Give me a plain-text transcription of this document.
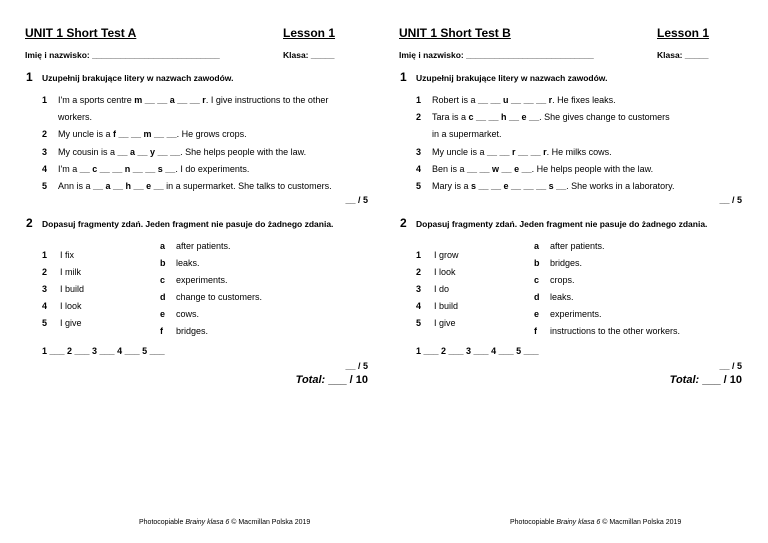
UNIT 1 Short Test A	Lesson 1
Imię i nazwisko: ___________________________	Klasa: _____
1 Uzupełnij brakujące litery w nazwach zawodów.
1	I'm a sports centre m __ __ a __ __ r. I give instructions to the other
workers.
2	My uncle is a f __ __ m __ __. He grows crops.
3	My cousin is a __ a __ y __ __. She helps people with the law.
4	I'm a __ c __ __ n __ __ s __. I do experiments.
5	Ann is a __ a __ h __ e __ in a supermarket. She talks to customers.
__ / 5
2 Dopasuj fragmenty zdań. Jeden fragment nie pasuje do żadnego zdania.
1	I fix
2	I milk
3	I build
4	I look
5	I give
a	after patients.
b	leaks.
c	experiments.
d	change to customers.
e	cows.
f	bridges.
1 ___ 2 ___ 3 ___ 4 ___ 5 ___
__ / 5
Total: ___ / 10
Photocopiable Brainy klasa 6 © Macmillan Polska 2019
UNIT 1 Short Test B	Lesson 1
Imię i nazwisko: ___________________________	Klasa: _____
1 Uzupełnij brakujące litery w nazwach zawodów.
1	Robert is a __ __ u __ __ __ r. He fixes leaks.
2	Tara is a c __ __ h __ e __. She gives change to customers
in a supermarket.
3	My uncle is a __ __ r __ __ r. He milks cows.
4	Ben is a __ __ w __ e __. He helps people with the law.
5	Mary is a s __ __ e __ __ __ s __. She works in a laboratory.
__ / 5
2 Dopasuj fragmenty zdań. Jeden fragment nie pasuje do żadnego zdania.
1	I grow
2	I look
3	I do
4	I build
5	I give
a	after patients.
b	bridges.
c	crops.
d	leaks.
e	experiments.
f	instructions to the other workers.
1 ___ 2 ___ 3 ___ 4 ___ 5 ___
__ / 5
Total: ___ / 10
Photocopiable Brainy klasa 6 © Macmillan Polska 2019
